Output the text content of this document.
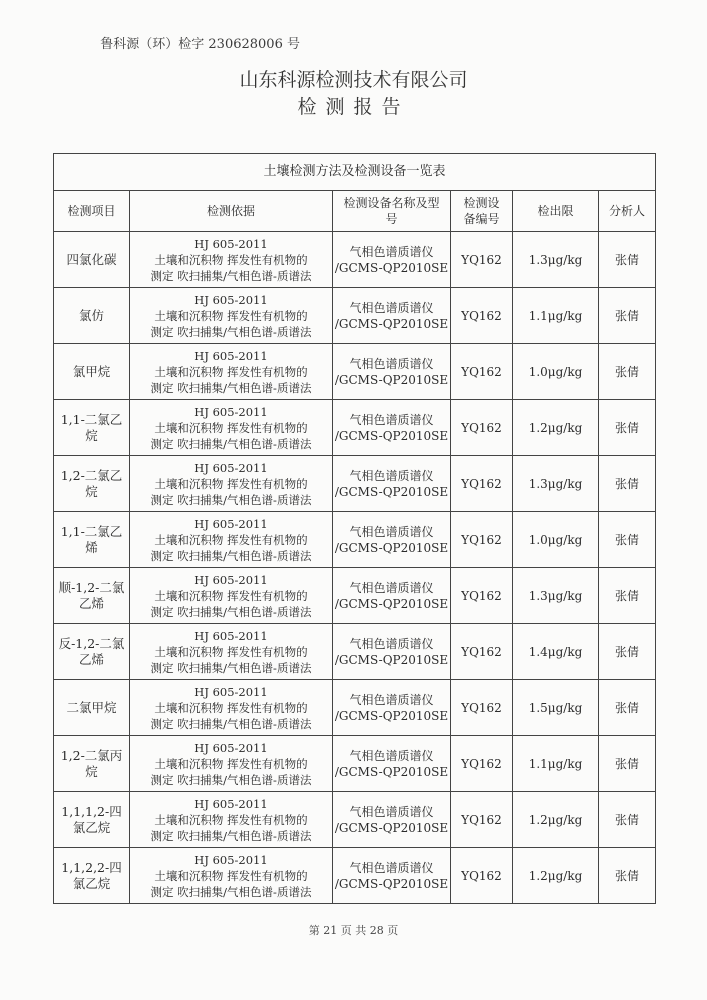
鲁科源（环）检字 230628006 号
山东科源检测技术有限公司
检测报告
土壤检测方法及检测设备一览表					
检测项目	检测依据	检测设备名称及型号	检测设备编号	检出限	分析人
四氯化碳	HJ 605-2011
土壤和沉积物 挥发性有机物的
测定 吹扫捕集/气相色谱-质谱法	气相色谱质谱仪
/GCMS-QP2010SE	YQ162	1.3μg/kg	张倩
氯仿	HJ 605-2011
土壤和沉积物 挥发性有机物的
测定 吹扫捕集/气相色谱-质谱法	气相色谱质谱仪
/GCMS-QP2010SE	YQ162	1.1μg/kg	张倩
氯甲烷	HJ 605-2011
土壤和沉积物 挥发性有机物的
测定 吹扫捕集/气相色谱-质谱法	气相色谱质谱仪
/GCMS-QP2010SE	YQ162	1.0μg/kg	张倩
1,1-二氯乙烷	HJ 605-2011
土壤和沉积物 挥发性有机物的
测定 吹扫捕集/气相色谱-质谱法	气相色谱质谱仪
/GCMS-QP2010SE	YQ162	1.2μg/kg	张倩
1,2-二氯乙烷	HJ 605-2011
土壤和沉积物 挥发性有机物的
测定 吹扫捕集/气相色谱-质谱法	气相色谱质谱仪
/GCMS-QP2010SE	YQ162	1.3μg/kg	张倩
1,1-二氯乙烯	HJ 605-2011
土壤和沉积物 挥发性有机物的
测定 吹扫捕集/气相色谱-质谱法	气相色谱质谱仪
/GCMS-QP2010SE	YQ162	1.0μg/kg	张倩
顺-1,2-二氯乙烯	HJ 605-2011
土壤和沉积物 挥发性有机物的
测定 吹扫捕集/气相色谱-质谱法	气相色谱质谱仪
/GCMS-QP2010SE	YQ162	1.3μg/kg	张倩
反-1,2-二氯乙烯	HJ 605-2011
土壤和沉积物 挥发性有机物的
测定 吹扫捕集/气相色谱-质谱法	气相色谱质谱仪
/GCMS-QP2010SE	YQ162	1.4μg/kg	张倩
二氯甲烷	HJ 605-2011
土壤和沉积物 挥发性有机物的
测定 吹扫捕集/气相色谱-质谱法	气相色谱质谱仪
/GCMS-QP2010SE	YQ162	1.5μg/kg	张倩
1,2-二氯丙烷	HJ 605-2011
土壤和沉积物 挥发性有机物的
测定 吹扫捕集/气相色谱-质谱法	气相色谱质谱仪
/GCMS-QP2010SE	YQ162	1.1μg/kg	张倩
1,1,1,2-四氯乙烷	HJ 605-2011
土壤和沉积物 挥发性有机物的
测定 吹扫捕集/气相色谱-质谱法	气相色谱质谱仪
/GCMS-QP2010SE	YQ162	1.2μg/kg	张倩
1,1,2,2-四氯乙烷	HJ 605-2011
土壤和沉积物 挥发性有机物的
测定 吹扫捕集/气相色谱-质谱法	气相色谱质谱仪
/GCMS-QP2010SE	YQ162	1.2μg/kg	张倩
第 21 页 共 28 页
